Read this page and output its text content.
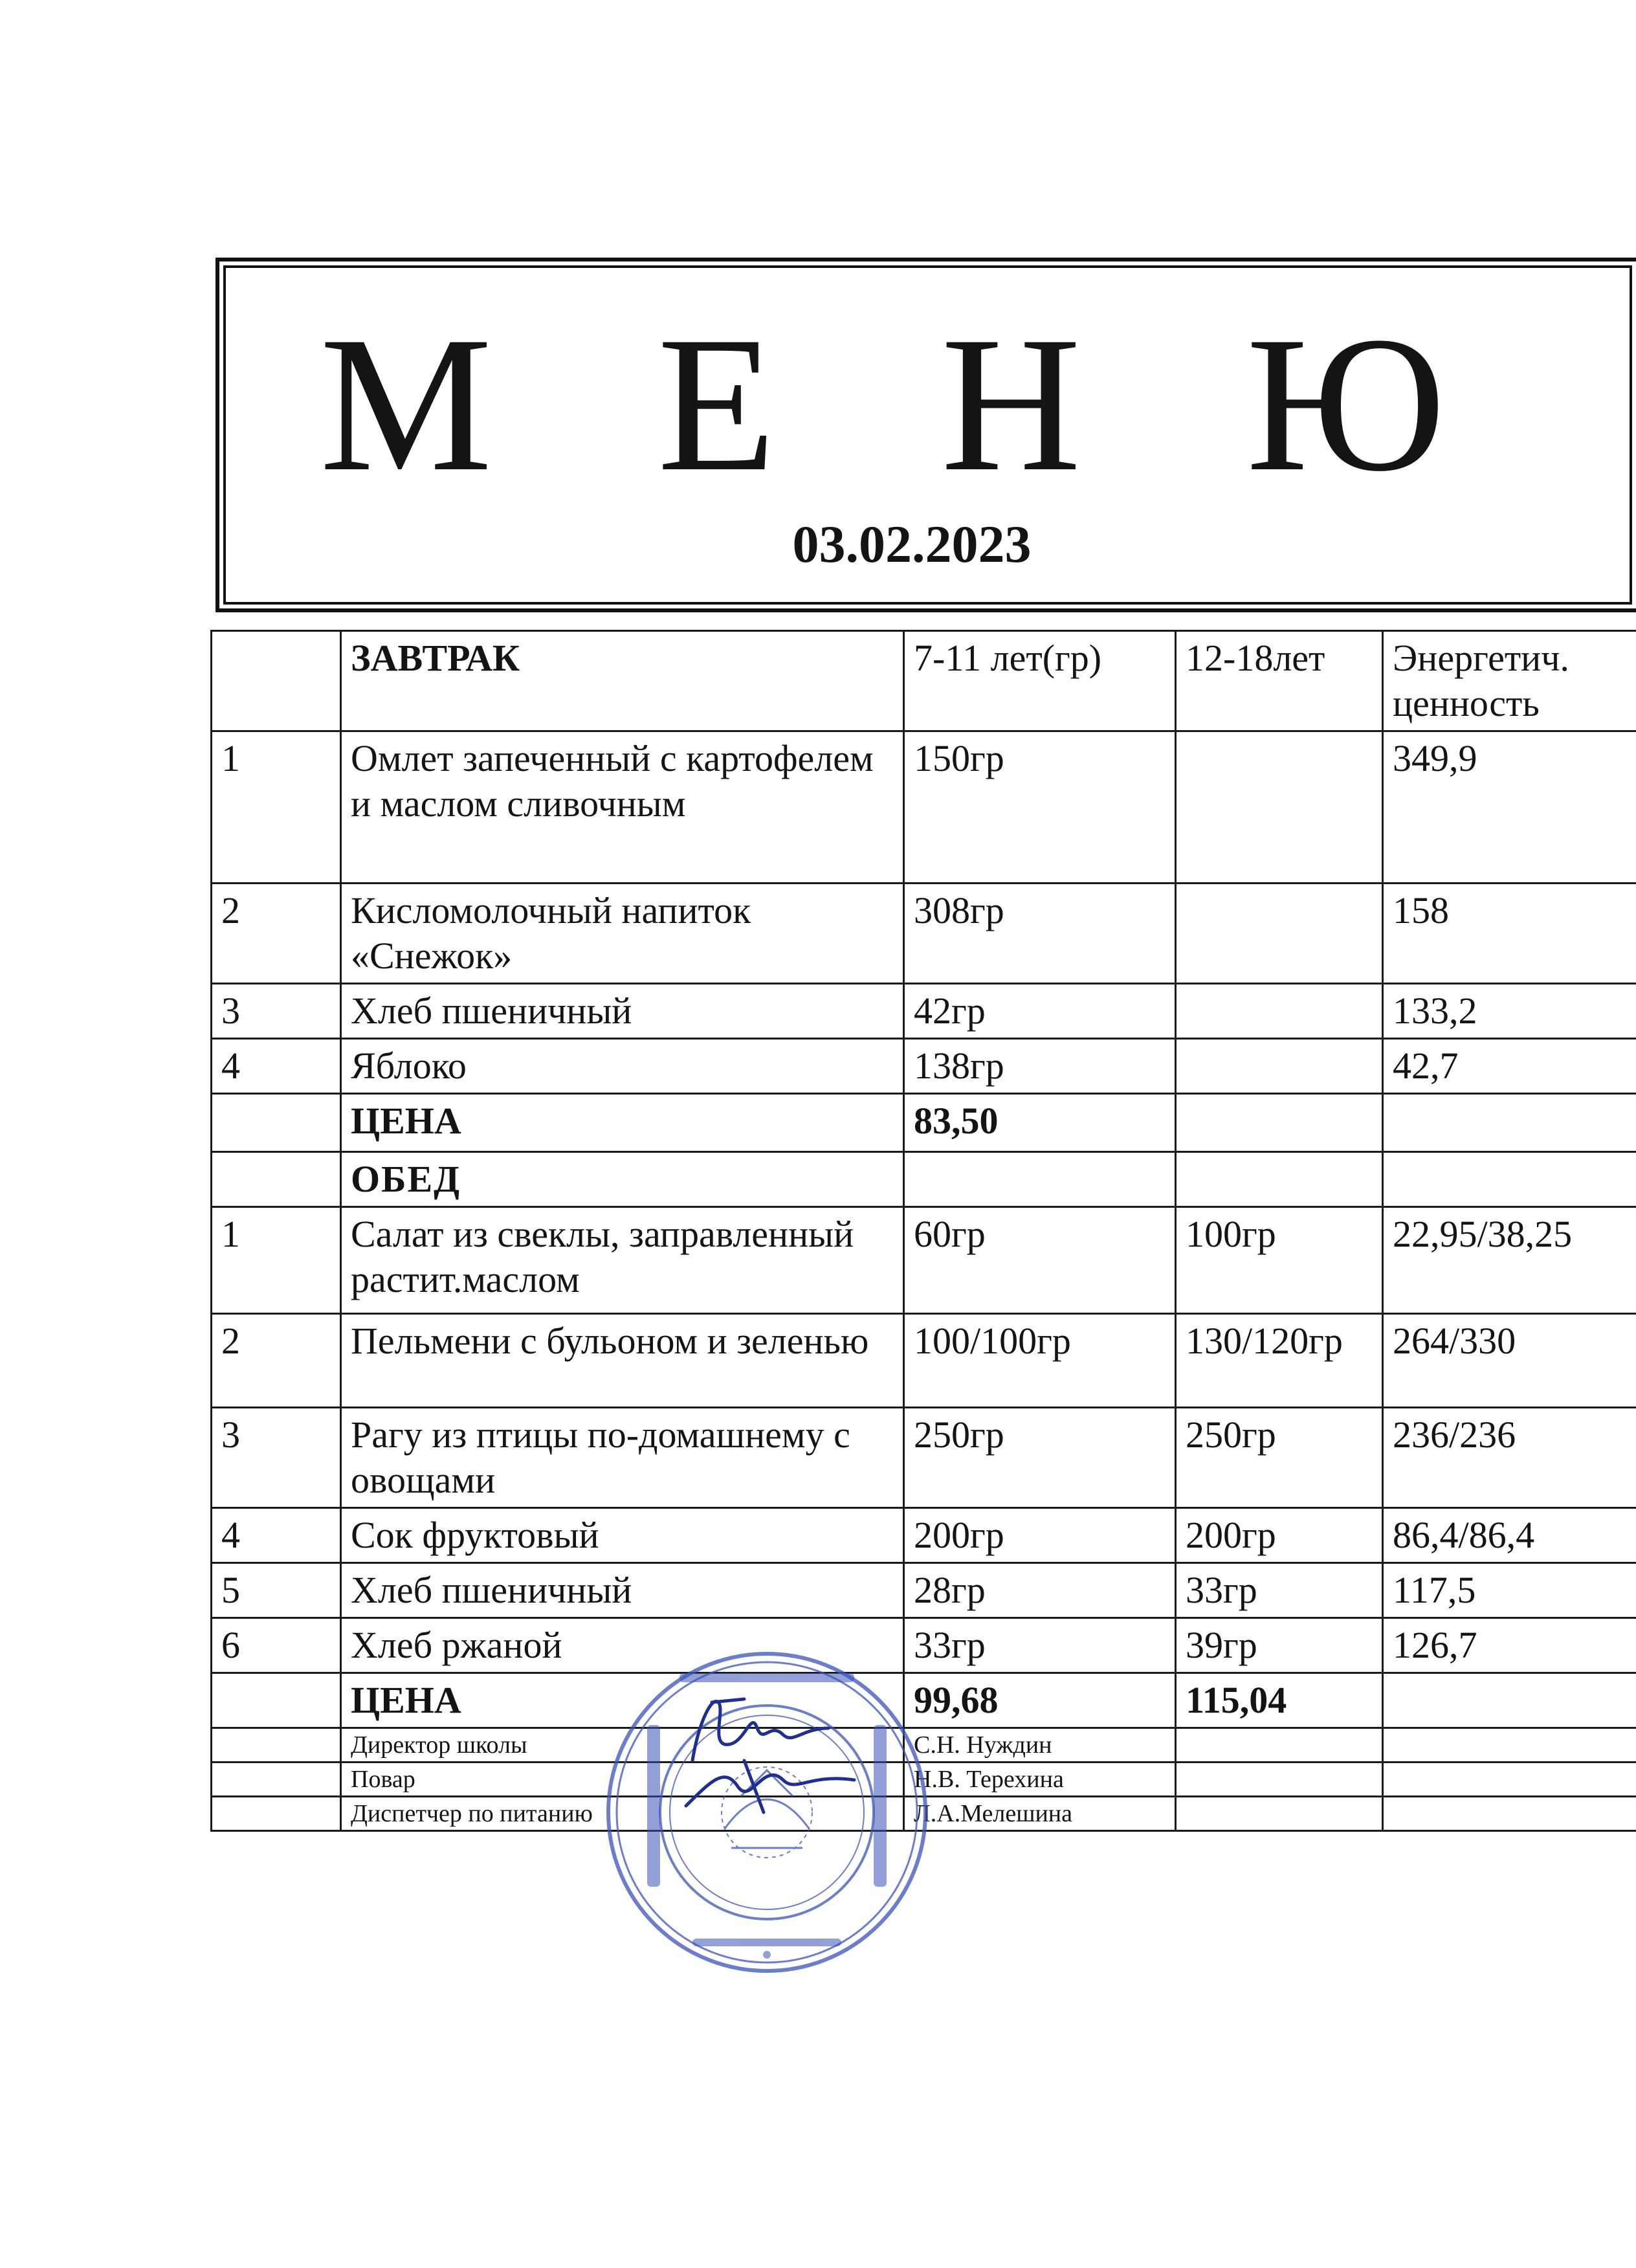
М Е Н Ю
03.02.2023
	ЗАВТРАК	7-11 лет(гр)	12-18лет	Энергетич. ценность
1	Омлет запеченный с картофелем и маслом сливочным	150гр		349,9
2	Кисломолочный напиток «Снежок»	308гр		158
3	Хлеб пшеничный	42гр		133,2
4	Яблоко	138гр		42,7
	ЦЕНА	83,50		
	ОБЕД			
1	Салат из свеклы, заправленный растит.маслом	60гр	100гр	22,95/38,25
2	Пельмени с бульоном и зеленью	100/100гр	130/120гр	264/330
3	Рагу из птицы по-домашнему с овощами	250гр	250гр	236/236
4	Сок фруктовый	200гр	200гр	86,4/86,4
5	Хлеб пшеничный	28гр	33гр	117,5
6	Хлеб ржаной	33гр	39гр	126,7
	ЦЕНА	99,68	115,04	
	Директор школы	С.Н. Нуждин		
	Повар	Н.В. Терехина		
	Диспетчер по питанию	Л.А.Мелешина		
